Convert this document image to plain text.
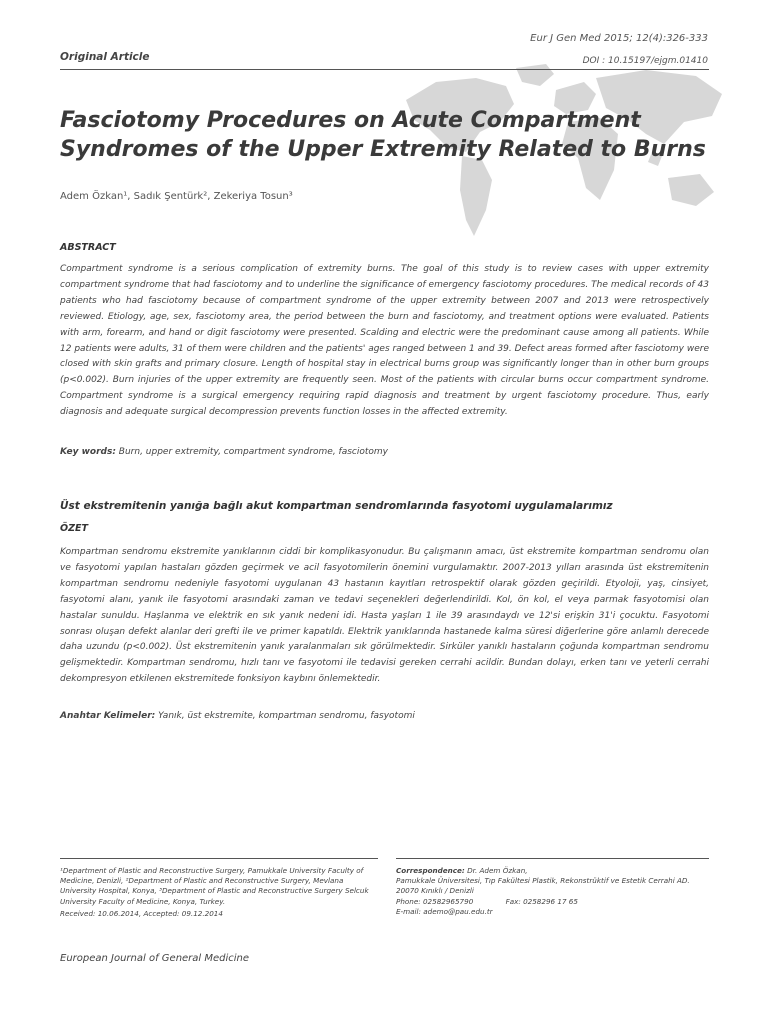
Eur J Gen Med 2015; 12(4):326-333
Original Article	DOI : 10.15197/ejgm.01410
Fasciotomy Procedures on Acute Compartment
Syndromes of the Upper Extremity Related to Burns
Adem Özkan¹, Sadık Şentürk², Zekeriya Tosun³
ABSTRACT

Compartment syndrome is a serious complication of extremity burns. The goal of this study is to review cases with upper extremity compartment syndrome that had fasciotomy and to underline the significance of emergency fasciotomy procedures. The medical records of 43 patients who had fasciotomy because of compartment syndrome of the upper extremity between 2007 and 2013 were retrospectively reviewed. Etiology, age, sex, fasciotomy area, the period between the burn and fasciotomy, and treatment options were evaluated. Patients with arm, forearm, and hand or digit fasciotomy were presented. Scalding and electric were the predominant cause among all patients. While 12 patients were adults, 31 of them were children and the patients' ages ranged between 1 and 39. Defect areas formed after fasciotomy were closed with skin grafts and primary closure. Length of hospital stay in electrical burns group was significantly longer than in other burn groups (p<0.002). Burn injuries of the upper extremity are frequently seen. Most of the patients with circular burns occur compartment syndrome. Compartment syndrome is a surgical emergency requiring rapid diagnosis and treatment by urgent fasciotomy procedure. Thus, early diagnosis and adequate surgical decompression prevents function losses in the affected extremity.

Key words: Burn, upper extremity, compartment syndrome, fasciotomy
Üst ekstremitenin yanığa bağlı akut kompartman sendromlarında fasyotomi uygulamalarımız
ÖZET

Kompartman sendromu ekstremite yanıklarının ciddi bir komplikasyonudur. Bu çalışmanın amacı, üst ekstremite kompartman sendromu olan ve fasyotomi yapılan hastaları gözden geçirmek ve acil fasyotomilerin önemini vurgulamaktır. 2007-2013 yılları arasında üst ekstremitenin kompartman sendromu nedeniyle fasyotomi uygulanan 43 hastanın kayıtları retrospektif olarak gözden geçirildi. Etyoloji, yaş, cinsiyet, fasyotomi alanı, yanık ile fasyotomi arasındaki zaman ve tedavi seçenekleri değerlendirildi. Kol, ön kol, el veya parmak fasyotomisi olan hastalar sunuldu. Haşlanma ve elektrik en sık yanık nedeni idi. Hasta yaşları 1 ile 39 arasındaydı ve 12'si erişkin 31'i çocuktu. Fasyotomi sonrası oluşan defekt alanlar deri grefti ile ve primer kapatıldı. Elektrik yanıklarında hastanede kalma süresi diğerlerine göre anlamlı derecede daha uzundu (p<0.002). Üst ekstremitenin yanık yaralanmaları sık görülmektedir. Sirküler yanıklı hastaların çoğunda kompartman sendromu gelişmektedir. Kompartman sendromu, hızlı tanı ve fasyotomi ile tedavisi gereken cerrahi acildir. Bundan dolayı, erken tanı ve yeterli cerrahi dekompresyon etkilenen ekstremitede fonksiyon kaybını önlemektedir.

Anahtar Kelimeler: Yanık, üst ekstremite, kompartman sendromu, fasyotomi
¹Department of Plastic and Reconstructive Surgery, Pamukkale University Faculty of Medicine, Denizli, ²Department of Plastic and Reconstructive Surgery, Mevlana University Hospital, Konya, ³Department of Plastic and Reconstructive Surgery Selcuk University Faculty of Medicine, Konya, Turkey.
Received: 10.06.2014, Accepted: 09.12.2014
Correspondence: Dr. Adem Özkan,
Pamukkale Üniversitesi, Tıp Fakültesi Plastik, Rekonstrüktif ve Estetik Cerrahi AD.
20070 Kınıklı / Denizli
Phone: 02582965790	Fax: 0258296 17 65
E-mail: ademo@pau.edu.tr
European Journal of General Medicine
